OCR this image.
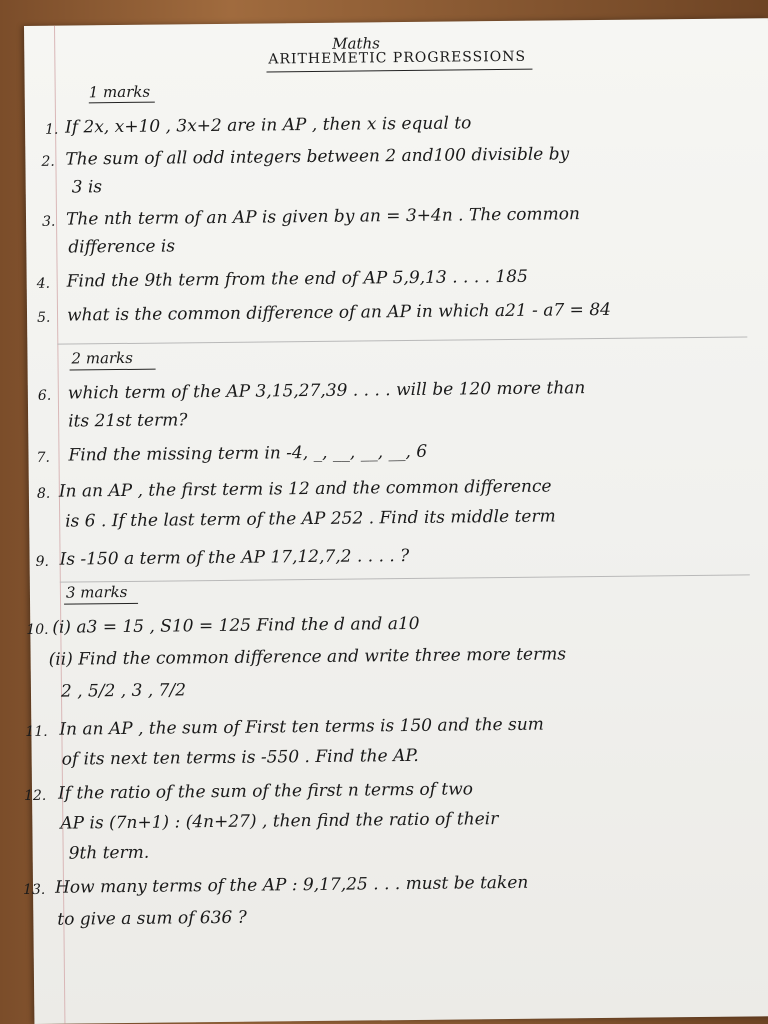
Maths
ARITHEMETIC PROGRESSIONS
1 marks
1. If 2x, x+10 , 3x+2 are in AP , then x is equal to
2. The sum of all odd integers between 2 and100 divisible by
3 is
3. The nth term of an AP is given by an = 3+4n . The common
difference is
4. Find the 9th term from the end of AP 5,9,13 . . . . 185
5. what is the common difference of an AP in which a21 - a7 = 84
2 marks
6. which term of the AP 3,15,27,39 . . . . will be 120 more than
its 21st term?
7. Find the missing term in -4, _, __, __, __, 6
8. In an AP , the first term is 12 and the common difference
is 6 . If the last term of the AP 252 . Find its middle term
9. Is -150 a term of the AP 17,12,7,2 . . . . ?
3 marks
10. (i) a3 = 15 , S10 = 125 Find the d and a10
(ii) Find the common difference and write three more terms
2 , 5/2 , 3 , 7/2
11. In an AP , the sum of First ten terms is 150 and the sum
of its next ten terms is -550 . Find the AP.
12. If the ratio of the sum of the first n terms of two
AP is (7n+1) : (4n+27) , then find the ratio of their
9th term.
13. How many terms of the AP : 9,17,25 . . . must be taken
to give a sum of 636 ?
